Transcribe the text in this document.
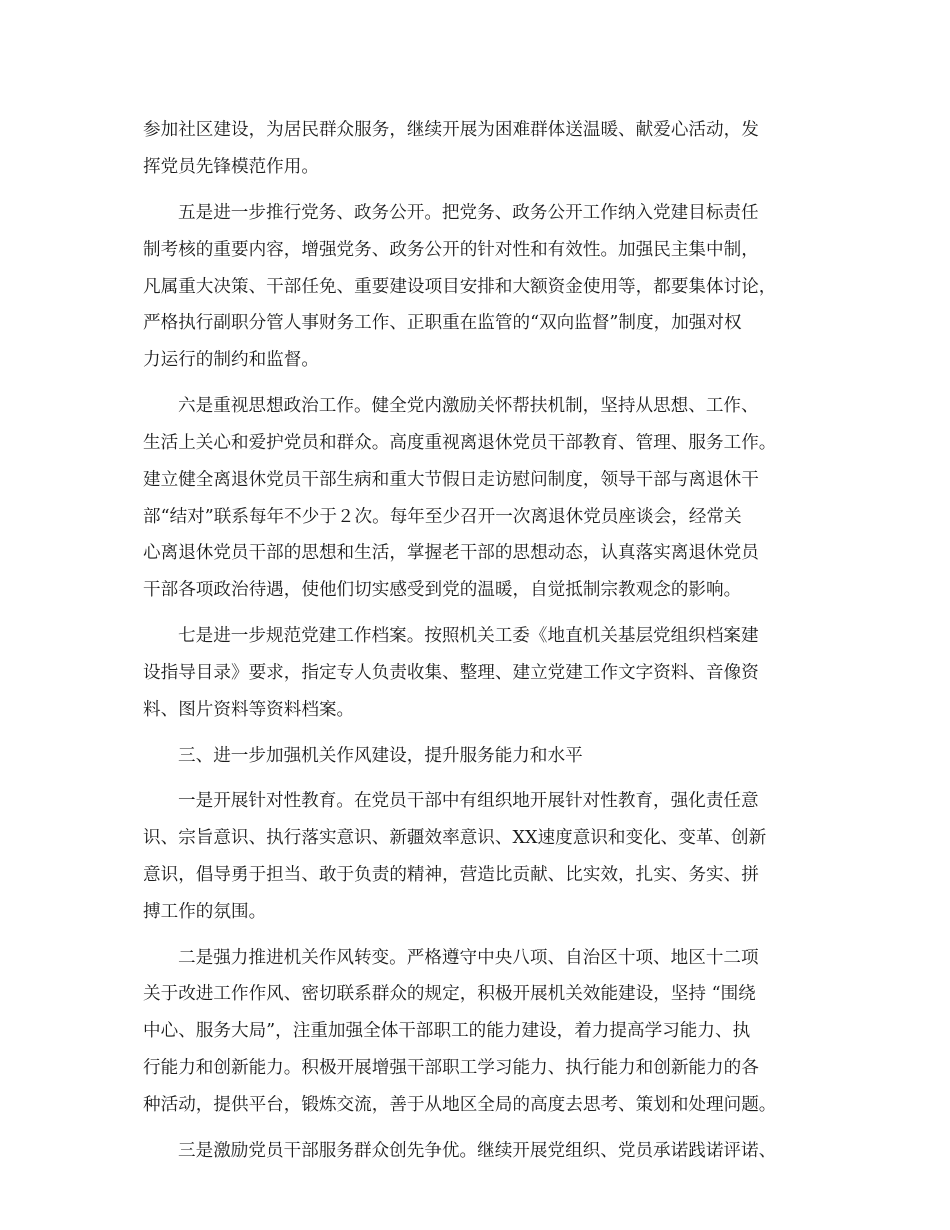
参加社区建设，为居民群众服务，继续开展为困难群体送温暖、献爱心活动，发
挥党员先锋模范作用。
五是进一步推行党务、政务公开。把党务、政务公开工作纳入党建目标责任
制考核的重要内容，增强党务、政务公开的针对性和有效性。加强民主集中制，
凡属重大决策、干部任免、重要建设项目安排和大额资金使用等，都要集体讨论，
严格执行副职分管人事财务工作、正职重在监管的“双向监督”制度，加强对权
力运行的制约和监督。
六是重视思想政治工作。健全党内激励关怀帮扶机制，坚持从思想、工作、
生活上关心和爱护党员和群众。高度重视离退休党员干部教育、管理、服务工作。
建立健全离退休党员干部生病和重大节假日走访慰问制度，领导干部与离退休干
部“结对”联系每年不少于２次。每年至少召开一次离退休党员座谈会，经常关
心离退休党员干部的思想和生活，掌握老干部的思想动态，认真落实离退休党员
干部各项政治待遇，使他们切实感受到党的温暖，自觉抵制宗教观念的影响。
七是进一步规范党建工作档案。按照机关工委《地直机关基层党组织档案建
设指导目录》要求，指定专人负责收集、整理、建立党建工作文字资料、音像资
料、图片资料等资料档案。
三、进一步加强机关作风建设，提升服务能力和水平
一是开展针对性教育。在党员干部中有组织地开展针对性教育，强化责任意
识、宗旨意识、执行落实意识、新疆效率意识、XX速度意识和变化、变革、创新
意识，倡导勇于担当、敢于负责的精神，营造比贡献、比实效，扎实、务实、拼
搏工作的氛围。
二是强力推进机关作风转变。严格遵守中央八项、自治区十项、地区十二项
关于改进工作作风、密切联系群众的规定，积极开展机关效能建设，坚持 “围绕
中心、服务大局”，注重加强全体干部职工的能力建设，着力提高学习能力、执
行能力和创新能力。积极开展增强干部职工学习能力、执行能力和创新能力的各
种活动，提供平台，锻炼交流，善于从地区全局的高度去思考、策划和处理问题。
三是激励党员干部服务群众创先争优。继续开展党组织、党员承诺践诺评诺、
